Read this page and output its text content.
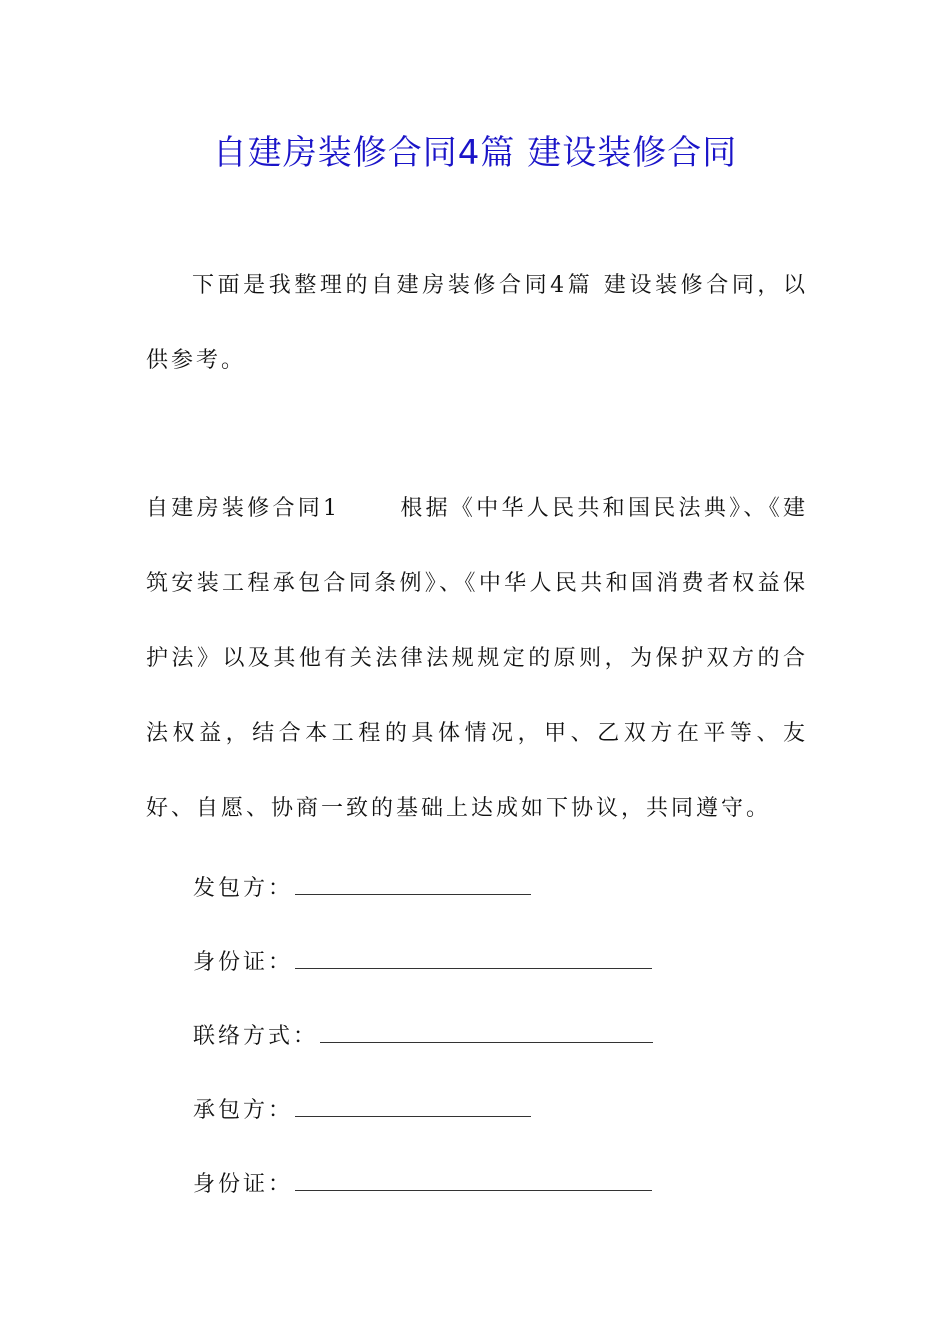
自建房装修合同4篇 建设装修合同

下面是我整理的自建房装修合同4篇 建设装修合同，以供参考。

自建房装修合同1	根据《中华人民共和国民法典》、《建筑安装工程承包合同条例》、《中华人民共和国消费者权益保护法》以及其他有关法律法规规定的原则，为保护双方的合法权益，结合本工程的具体情况，甲、乙双方在平等、友好、自愿、协商一致的基础上达成如下协议，共同遵守。

发包方：
身份证：
联络方式：
承包方：
身份证：
